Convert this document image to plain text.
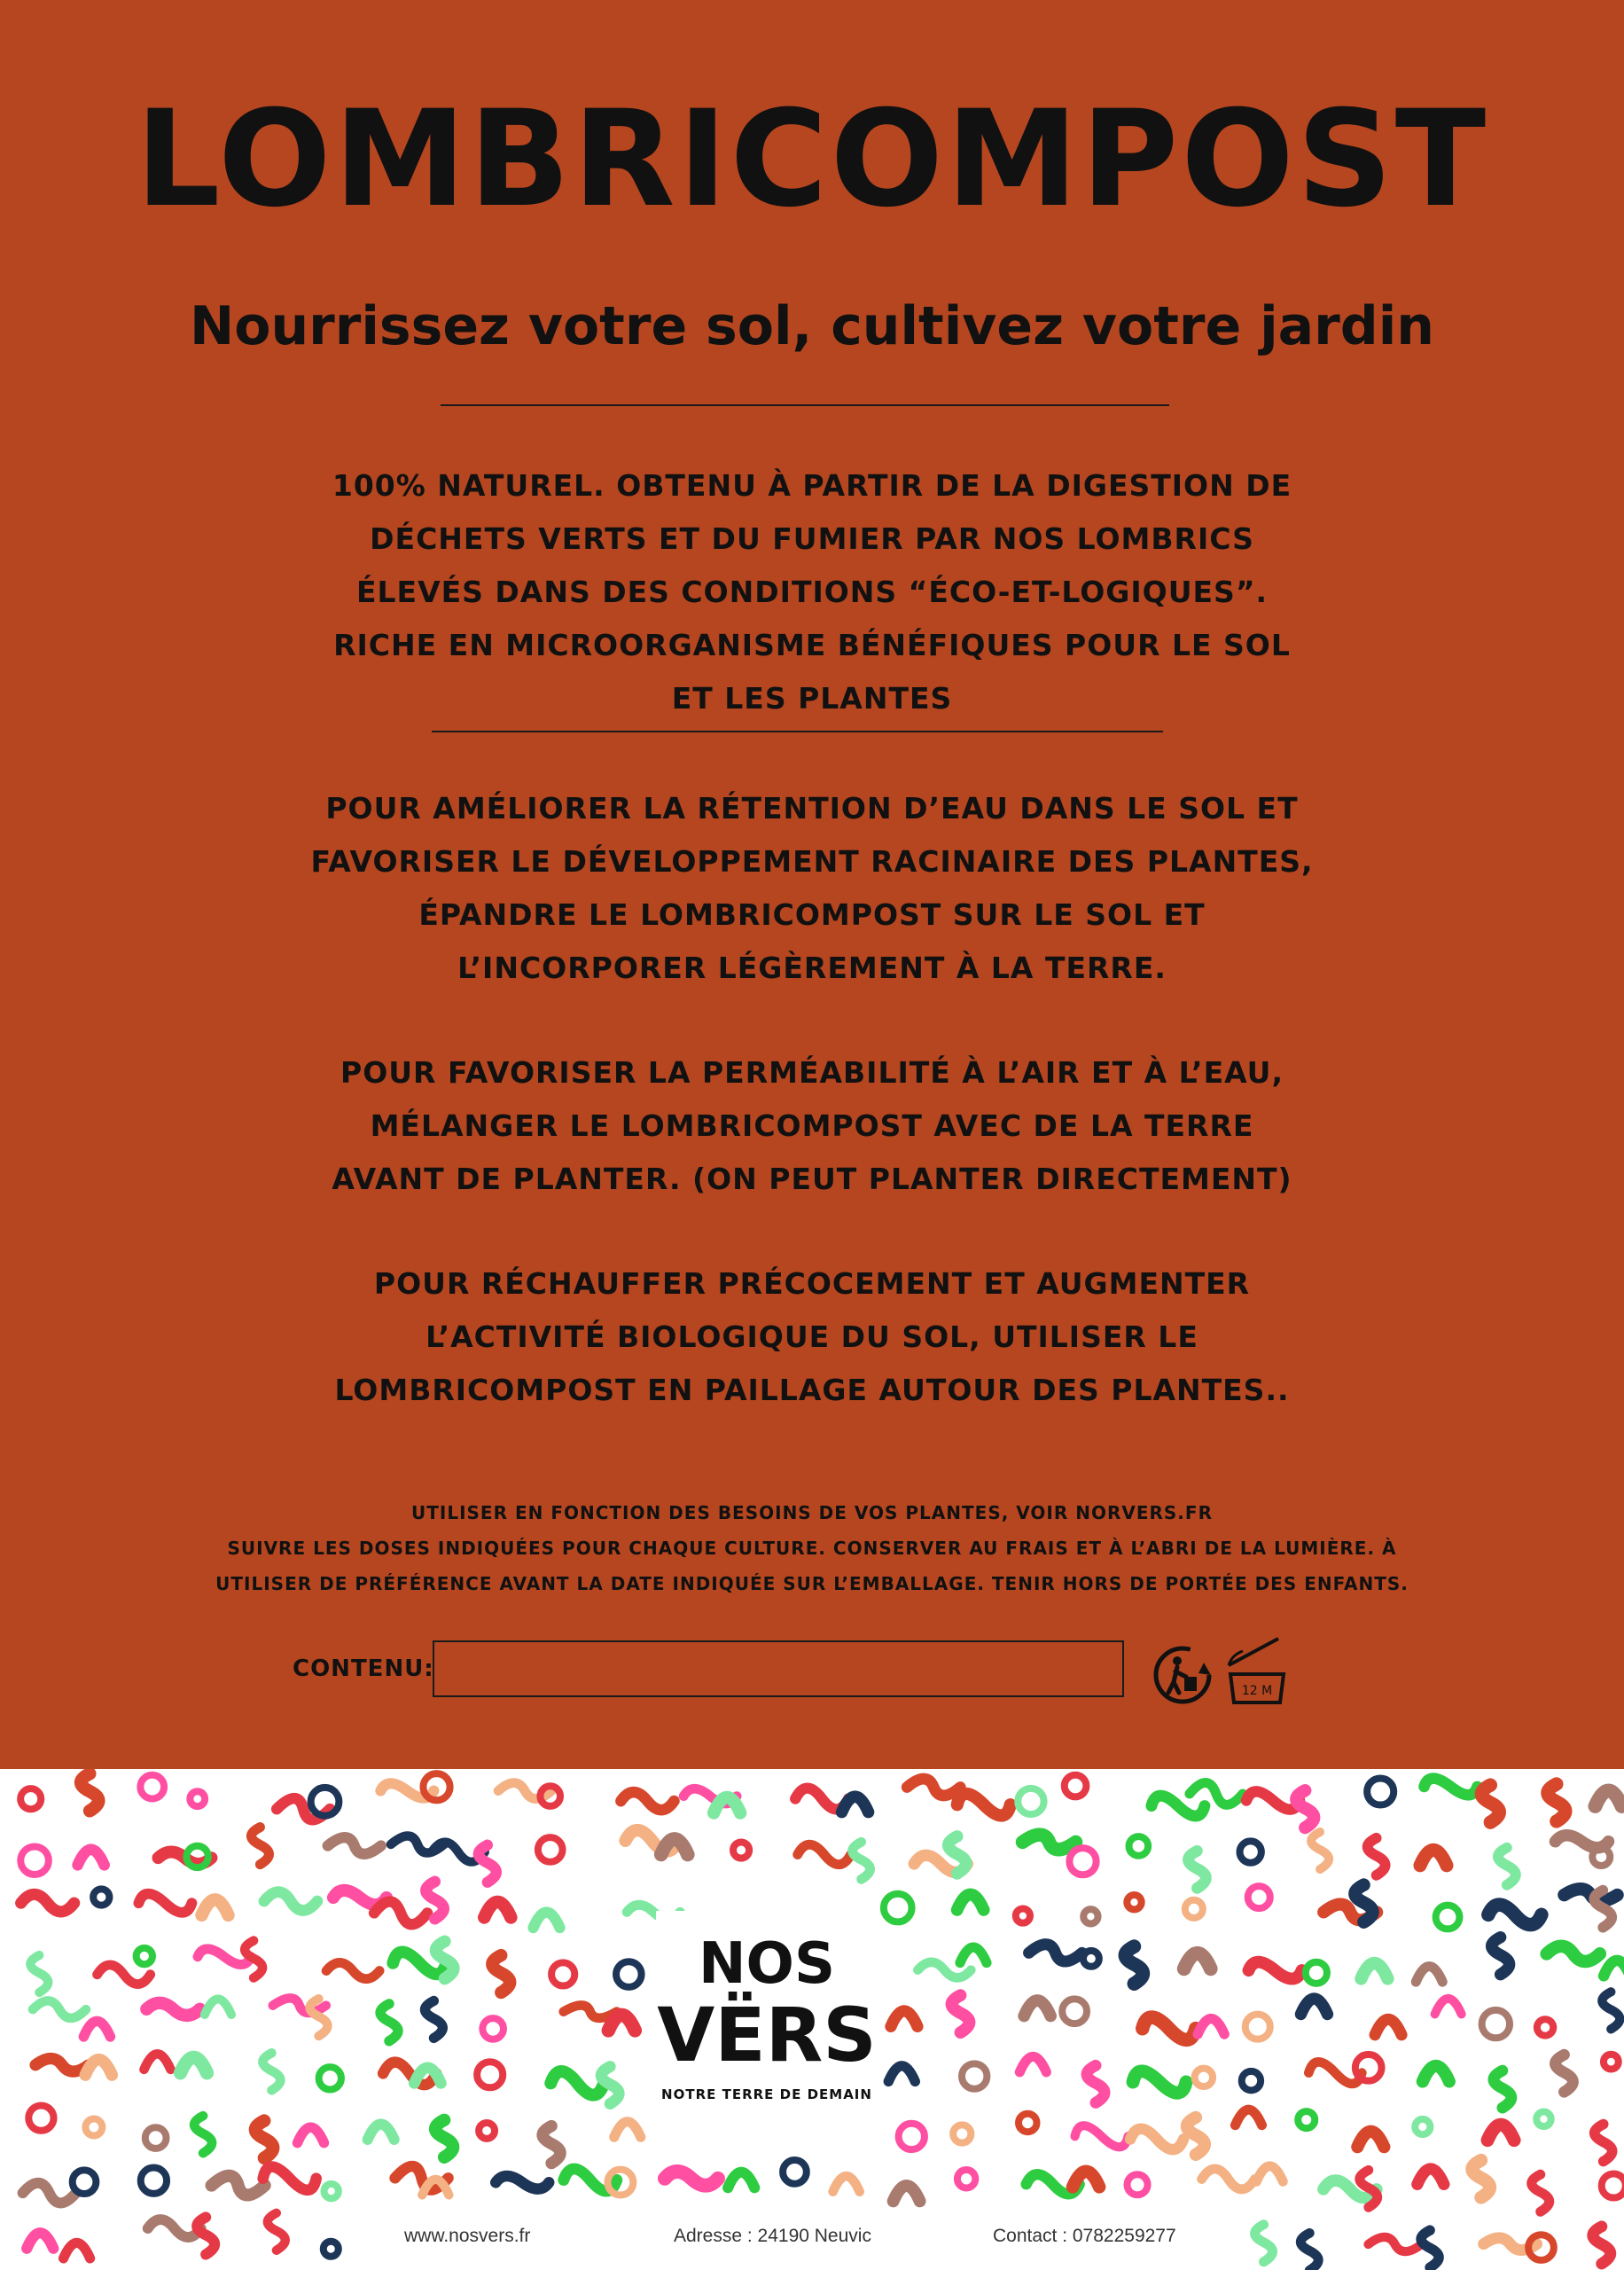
LOMBRICOMPOST
Nourrissez votre sol, cultivez votre jardin
100% NATUREL. OBTENU À PARTIR DE LA DIGESTION DE DÉCHETS VERTS ET DU FUMIER PAR NOS LOMBRICS ÉLEVÉS DANS DES CONDITIONS “ÉCO-ET-LOGIQUES”. RICHE EN MICROORGANISME BÉNÉFIQUES POUR LE SOL ET LES PLANTES
POUR AMÉLIORER LA RÉTENTION D’EAU DANS LE SOL ET FAVORISER LE DÉVELOPPEMENT RACINAIRE DES PLANTES, ÉPANDRE LE LOMBRICOMPOST SUR LE SOL ET L’INCORPORER LÉGÈREMENT À LA TERRE.
POUR FAVORISER LA PERMÉABILITÉ À L’AIR ET À L’EAU, MÉLANGER LE LOMBRICOMPOST AVEC DE LA TERRE AVANT DE PLANTER. (ON PEUT PLANTER DIRECTEMENT)
POUR RÉCHAUFFER PRÉCOCEMENT ET AUGMENTER L’ACTIVITÉ BIOLOGIQUE DU SOL, UTILISER LE LOMBRICOMPOST EN PAILLAGE AUTOUR DES PLANTES..
UTILISER EN FONCTION DES BESOINS DE VOS PLANTES, VOIR NORVERS.FR
SUIVRE LES DOSES INDIQUÉES POUR CHAQUE CULTURE. CONSERVER AU FRAIS ET À L’ABRI DE LA LUMIÈRE. À UTILISER DE PRÉFÉRENCE AVANT LA DATE INDIQUÉE SUR L’EMBALLAGE. TENIR HORS DE PORTÉE DES ENFANTS.
CONTENU:
12 M
NOS
VËRS
NOTRE TERRE DE DEMAIN
www.nosvers.fr	Adresse : 24190 Neuvic	Contact : 0782259277
